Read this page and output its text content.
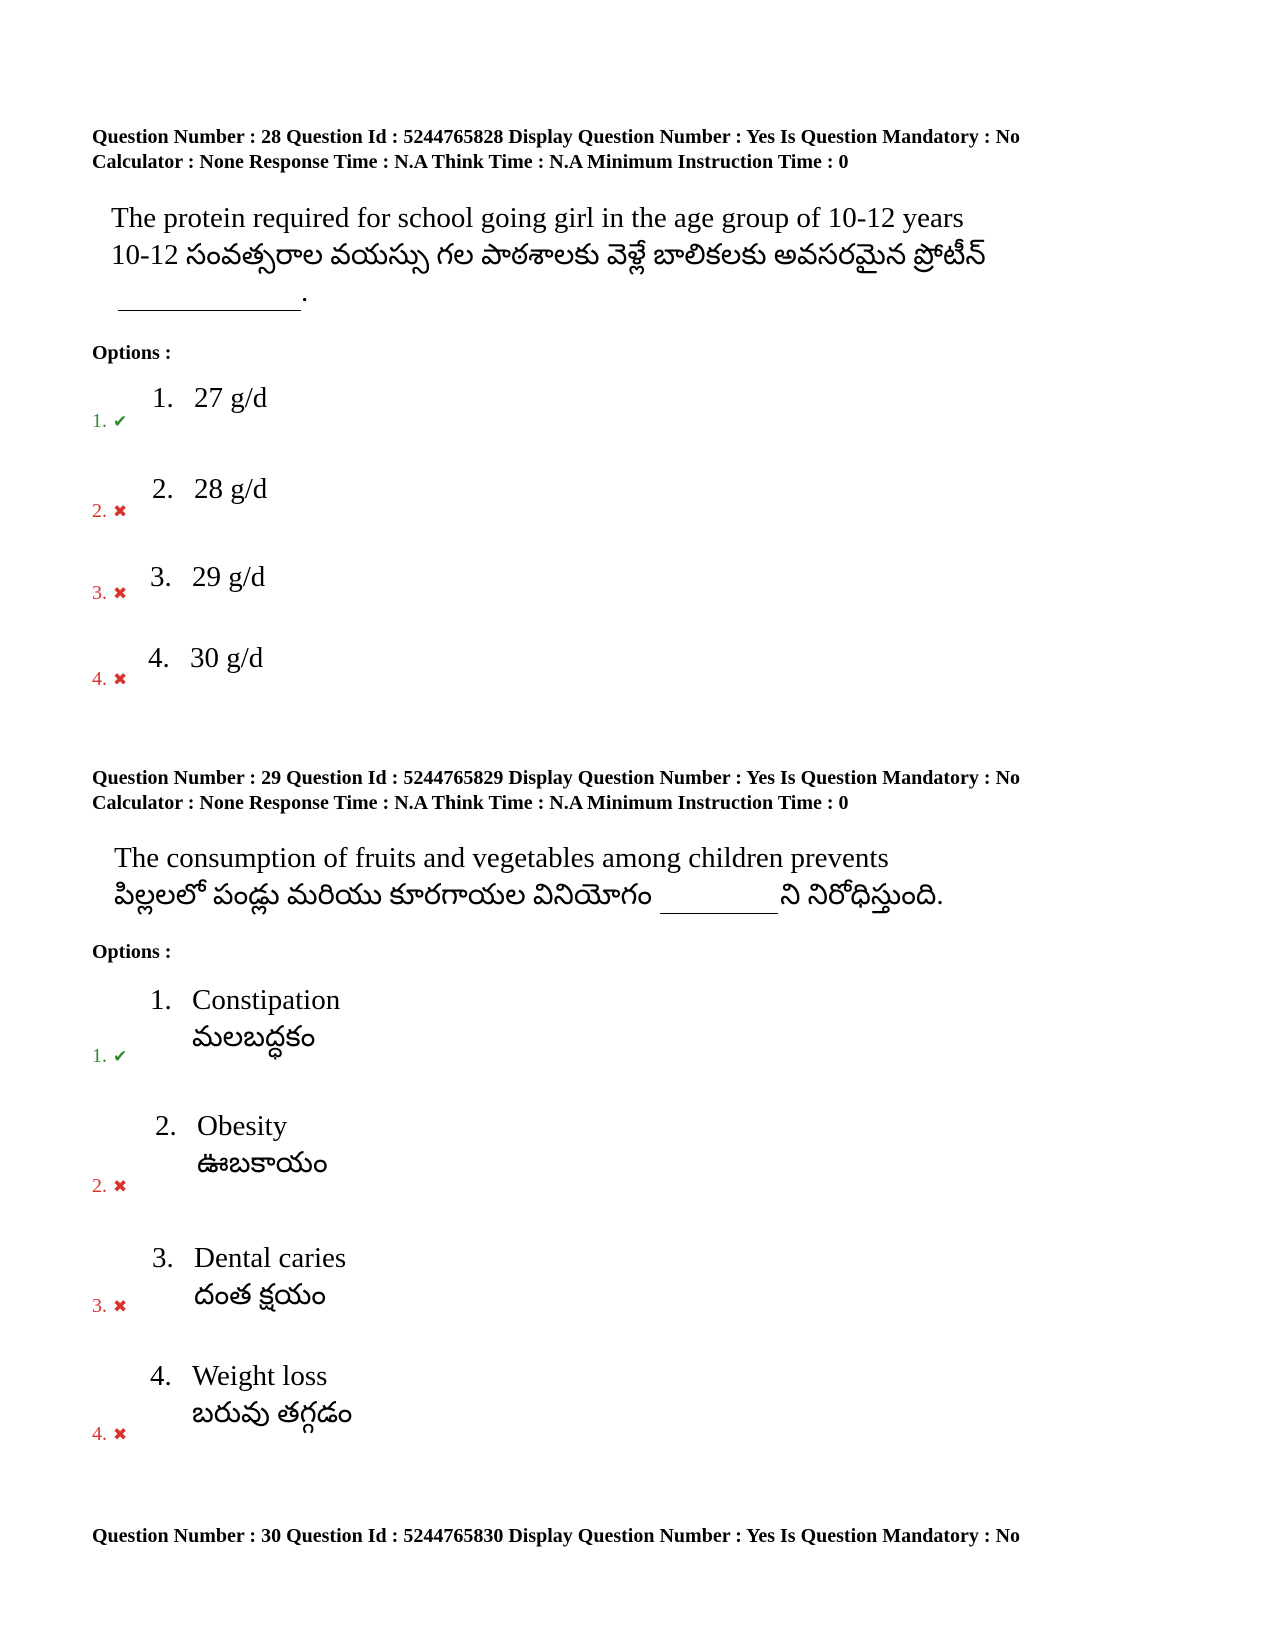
Question Number : 28 Question Id : 5244765828 Display Question Number : Yes Is Question Mandatory : No
Calculator : None Response Time : N.A Think Time : N.A Minimum Instruction Time : 0
The protein required for school going girl in the age group of 10-12 years
10-12 సంవత్సరాల వయస్సు గల పాఠశాలకు వెళ్లే బాలికలకు అవసరమైన ప్రోటీన్
.
Options :
1. ✔
1. 27 g/d
2. ✖
2. 28 g/d
3. ✖
3. 29 g/d
4. ✖
4. 30 g/d
Question Number : 29 Question Id : 5244765829 Display Question Number : Yes Is Question Mandatory : No
Calculator : None Response Time : N.A Think Time : N.A Minimum Instruction Time : 0
The consumption of fruits and vegetables among children prevents
పిల్లలలో పండ్లు మరియు కూరగాయల వినియోగం	ని నిరోధిస్తుంది.
Options :
1. ✔
1. Constipation
మలబద్ధకం
2. ✖
2. Obesity
ఊబకాయం
3. ✖
3. Dental caries
దంత క్షయం
4. ✖
4. Weight loss
బరువు తగ్గడం
Question Number : 30 Question Id : 5244765830 Display Question Number : Yes Is Question Mandatory : No
